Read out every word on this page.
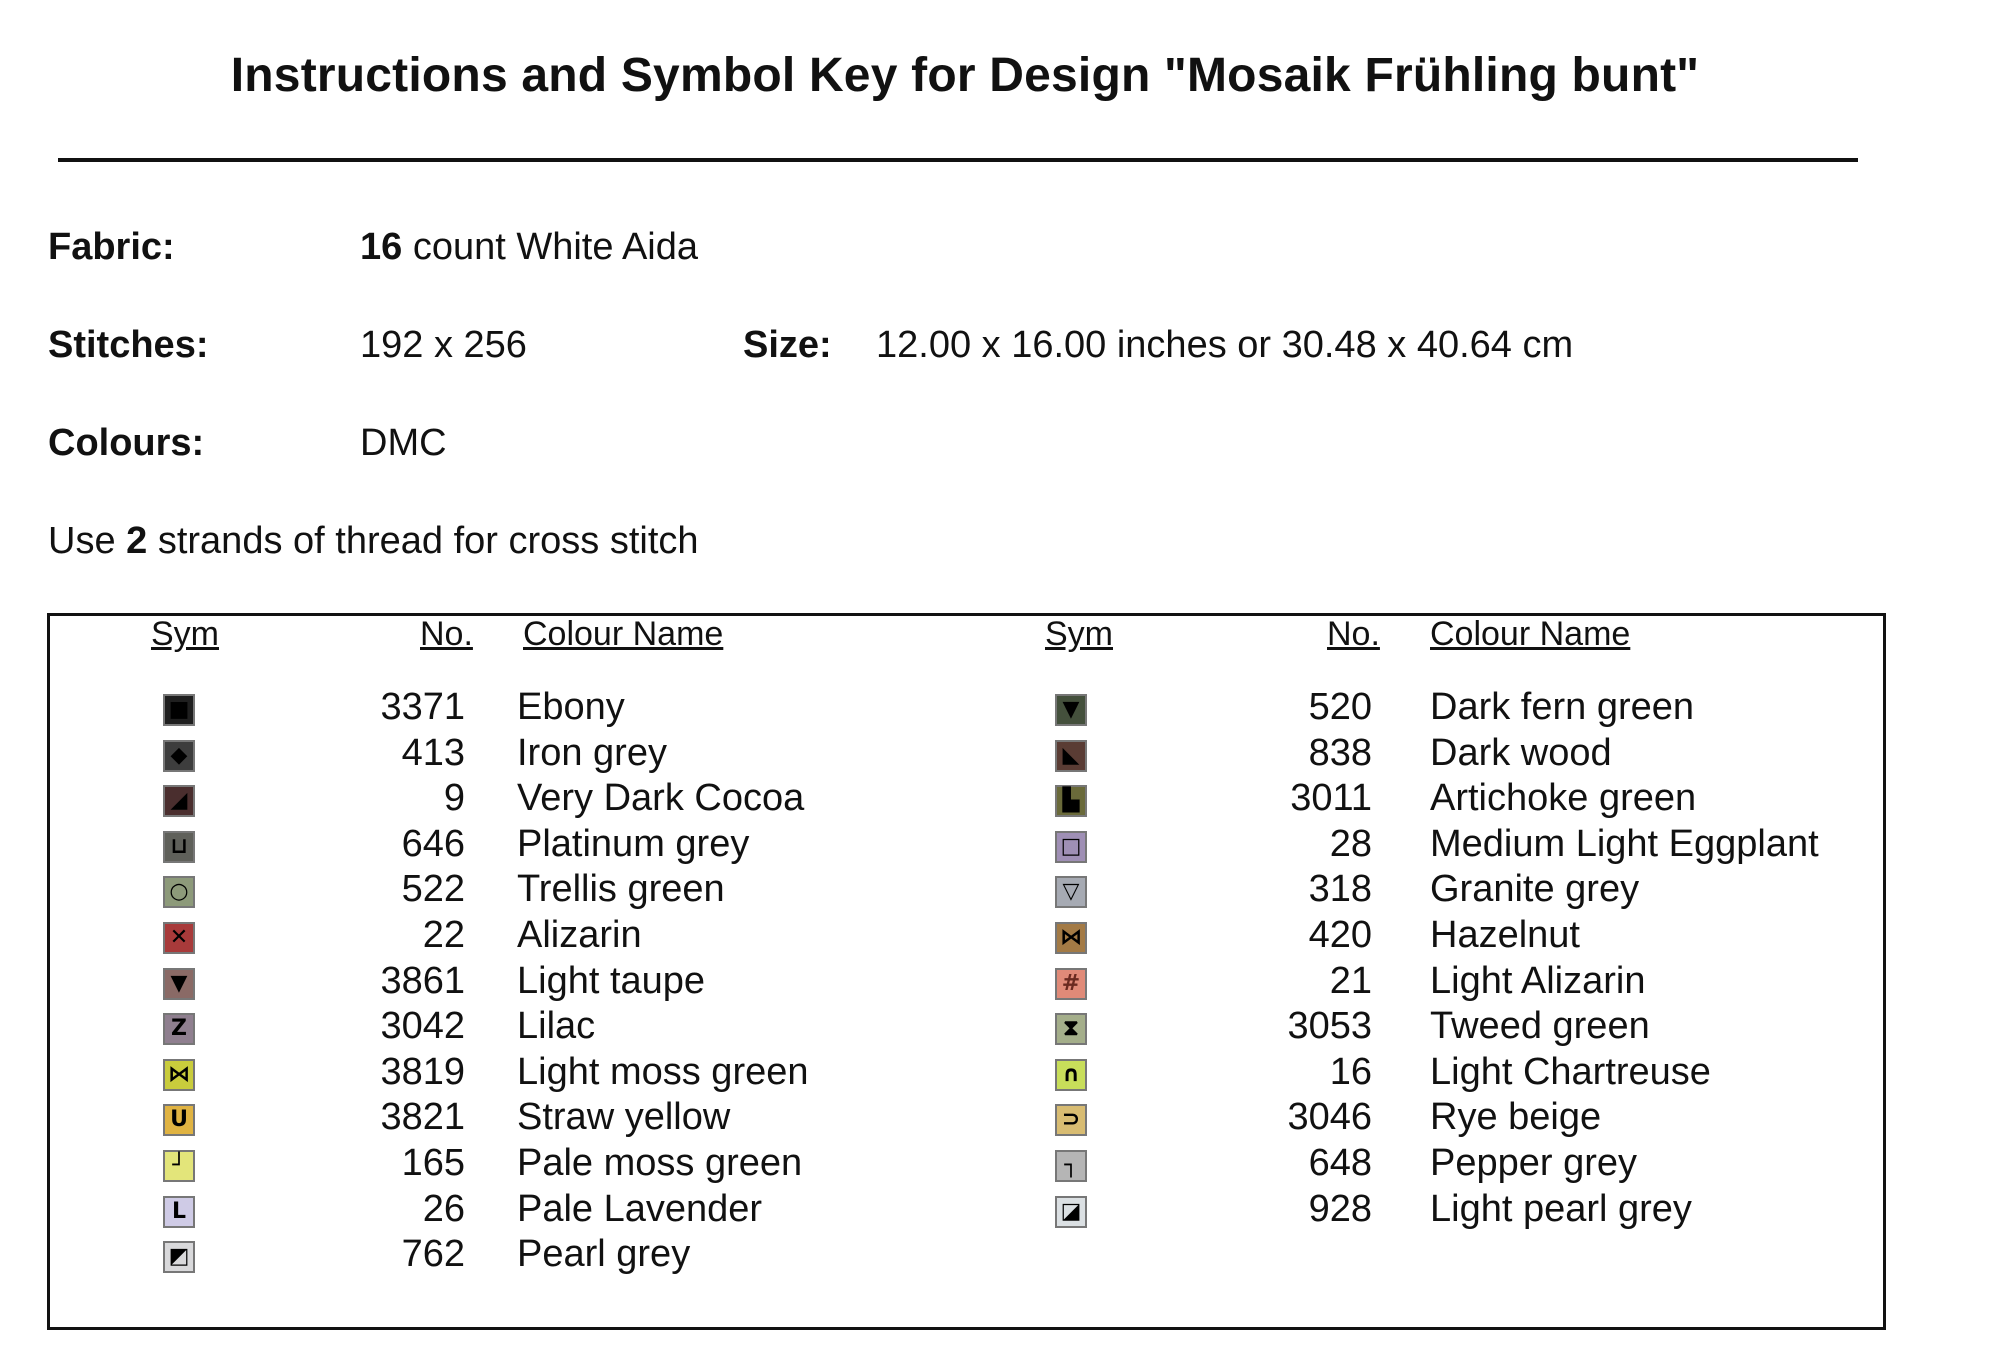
Instructions and Symbol Key for Design "Mosaik Frühling bunt"
Fabric:	16 count White Aida
Stitches:	192 x 256	Size: 12.00 x 16.00 inches or 30.48 x 40.64 cm
Colours:	DMC
Use 2 strands of thread for cross stitch
Sym	No. Colour Name	Sym	No. Colour Name
■	3371 Ebony
◆	413 Iron grey
◢	9 Very Dark Cocoa
⊔	646 Platinum grey
○	522 Trellis green
✕	22 Alizarin
▼	3861 Light taupe
Z	3042 Lilac
⋈	3819 Light moss green
U	3821 Straw yellow
┘	165 Pale moss green
L	26 Pale Lavender
◩	762 Pearl grey
▼	520 Dark fern green
◣	838 Dark wood
▙	3011 Artichoke green
□	28 Medium Light Eggplant
▽	318 Granite grey
⋈	420 Hazelnut
#	21 Light Alizarin
⧗	3053 Tweed green
∩	16 Light Chartreuse
⊃	3046 Rye beige
┐	648 Pepper grey
◪	928 Light pearl grey
